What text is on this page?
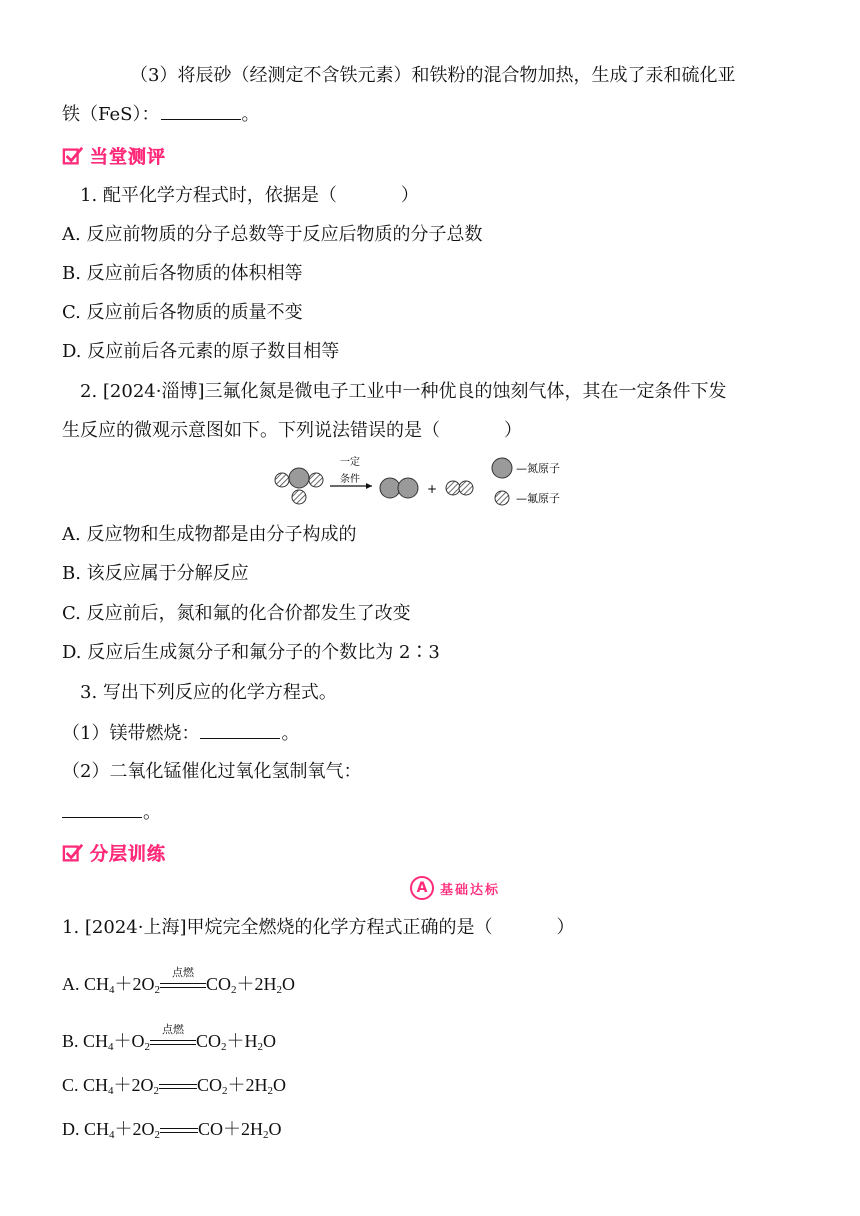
（3）将辰砂（经测定不含铁元素）和铁粉的混合物加热，生成了汞和硫化亚
铁（FeS）：	。
当堂测评
1. 配平化学方程式时，依据是（	）
A. 反应前物质的分子总数等于反应后物质的分子总数
B. 反应前后各物质的体积相等
C. 反应前后各物质的质量不变
D. 反应前后各元素的原子数目相等
2. [2024·淄博]三氟化氮是微电子工业中一种优良的蚀刻气体，其在一定条件下发
生反应的微观示意图如下。下列说法错误的是（	）
一定
条件
+
—氮原子
—氟原子
A. 反应物和生成物都是由分子构成的
B. 该反应属于分解反应
C. 反应前后，氮和氟的化合价都发生了改变
D. 反应后生成氮分子和氟分子的个数比为 2∶3
3. 写出下列反应的化学方程式。
（1）镁带燃烧：	。
（2）二氧化锰催化过氧化氢制氧气：
。
分层训练
A 基础达标
1. [2024·上海]甲烷完全燃烧的化学方程式正确的是（	）
A. $CH_4+2O_2$
点燃
$CO_2+2H_2O$
B. $CH_4+O_2$
点燃
$CO_2+H_2O$
C. $CH_4+2O_2$ $CO_2+2H_2O$
D. $CH_4+2O_2$ $CO+2H_2O$
